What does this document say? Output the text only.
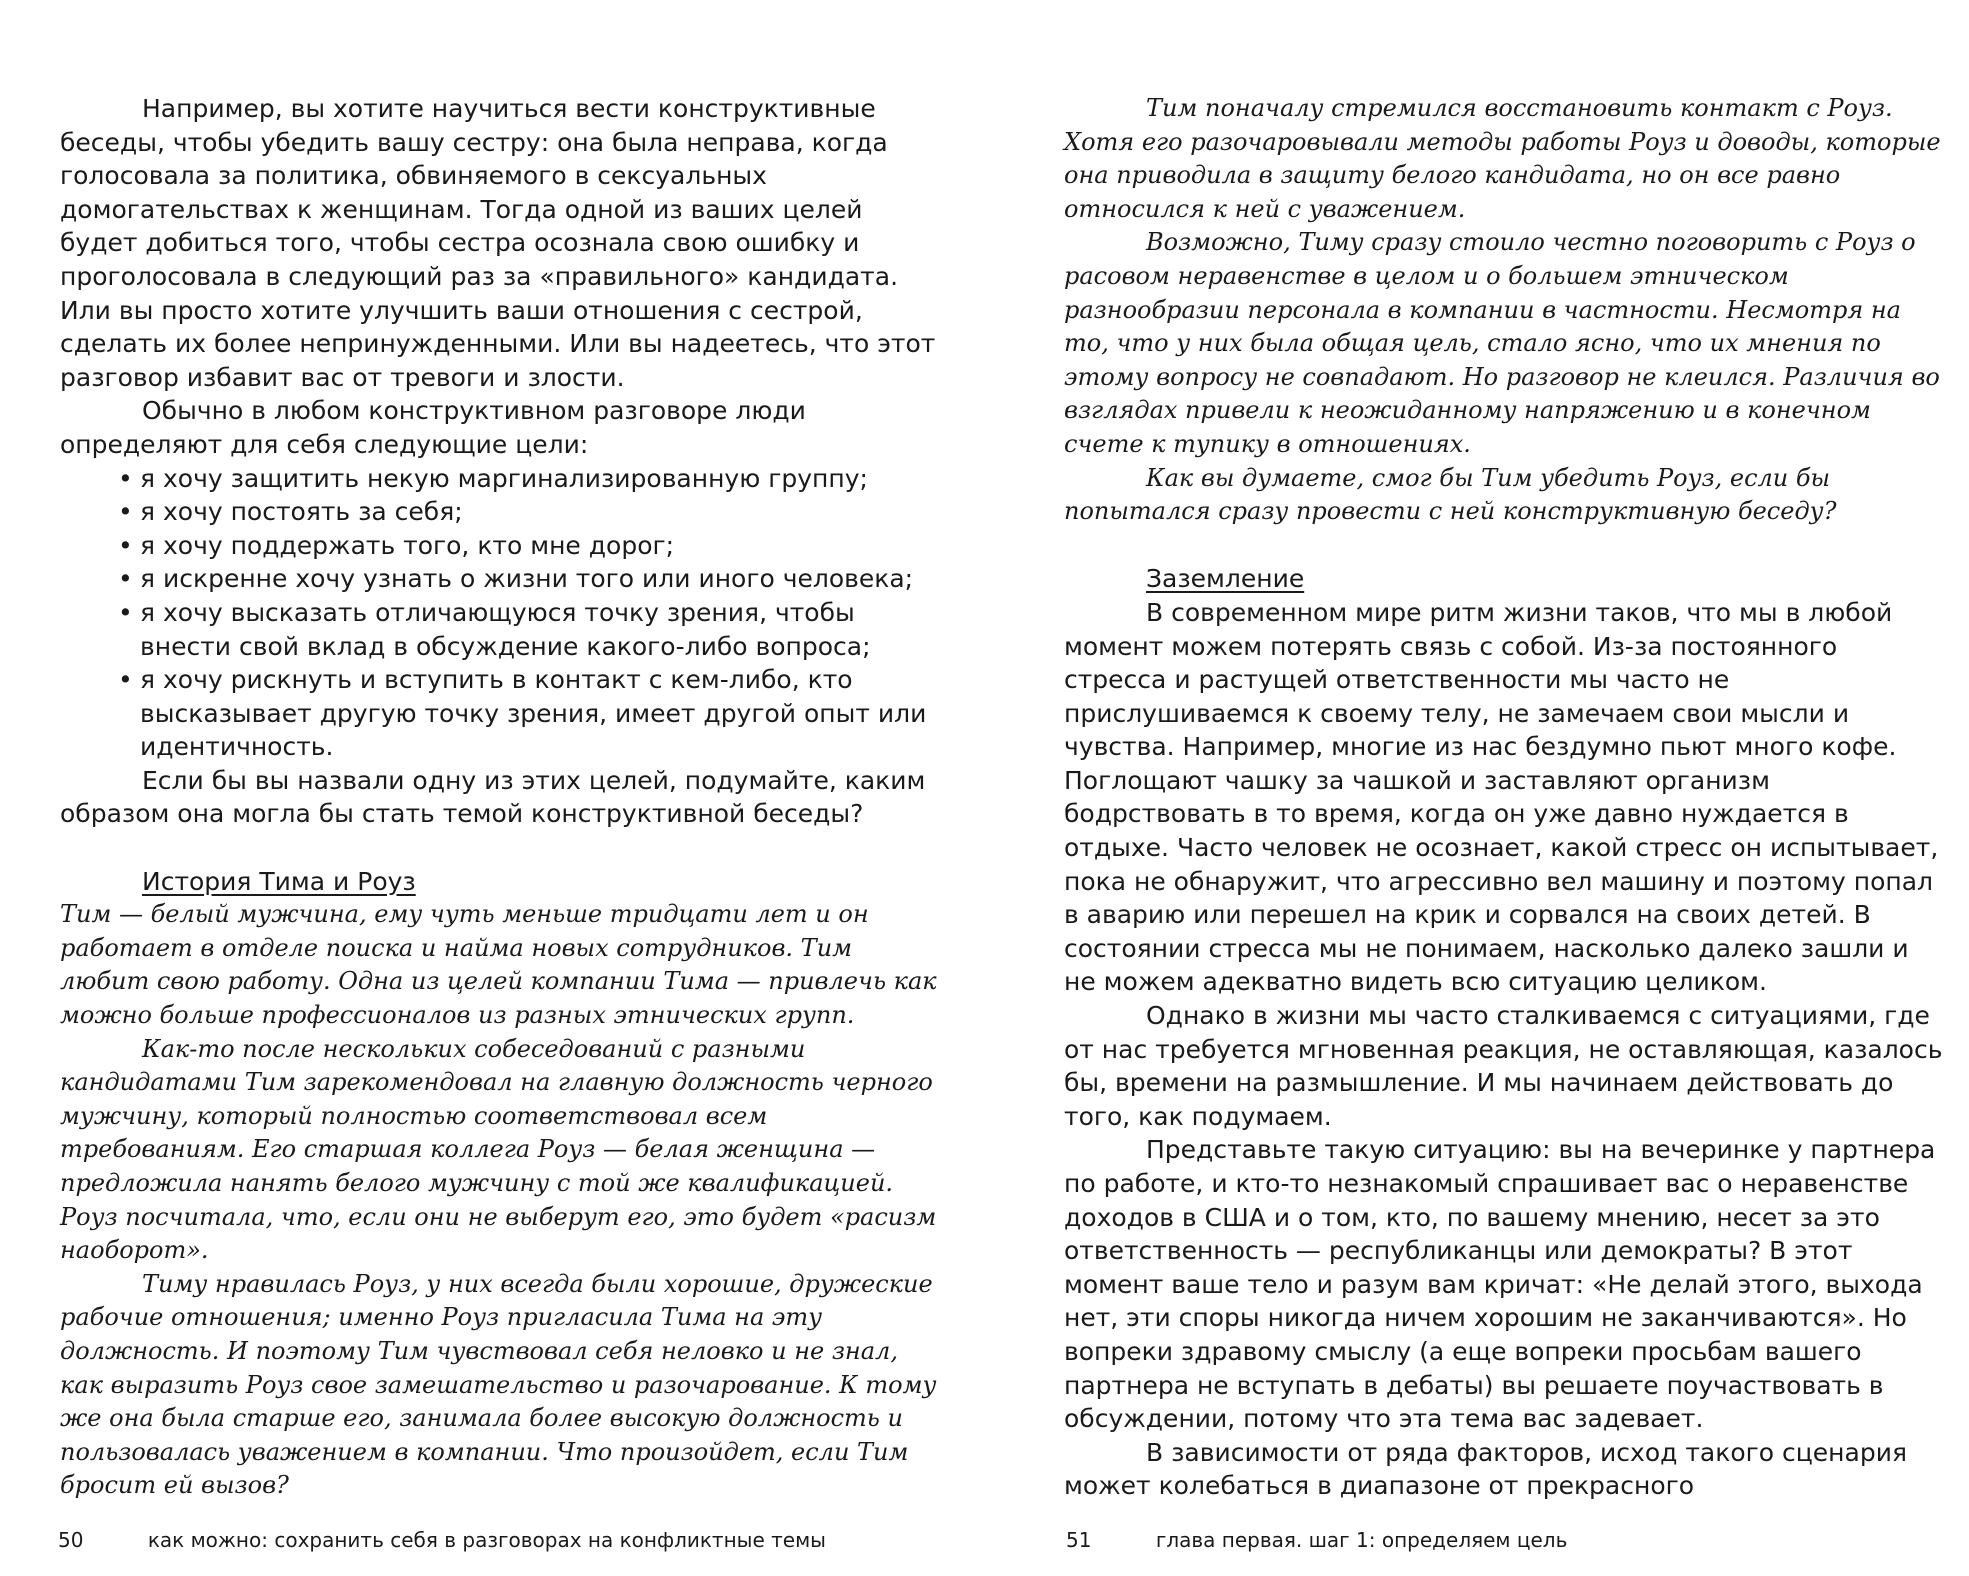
Например, вы хотите научиться вести конструктивные беседы, чтобы убедить вашу сестру: она была неправа, когда голосовала за политика, обвиняемого в сексуальных домогательствах к женщинам. Тогда одной из ваших целей будет добиться того, чтобы сестра осознала свою ошибку и проголосовала в следующий раз за «правильного» кандидата. Или вы просто хотите улучшить ваши отношения с сестрой, сделать их более непринужденными. Или вы надеетесь, что этот разговор избавит вас от тревоги и злости.

Обычно в любом конструктивном разговоре люди определяют для себя следующие цели:

• я хочу защитить некую маргинализированную группу;
• я хочу постоять за себя;
• я хочу поддержать того, кто мне дорог;
• я искренне хочу узнать о жизни того или иного человека;
• я хочу высказать отличающуюся точку зрения, чтобы внести свой вклад в обсуждение какого-либо вопроса;
• я хочу рискнуть и вступить в контакт с кем-либо, кто высказывает другую точку зрения, имеет другой опыт или идентичность.

Если бы вы назвали одну из этих целей, подумайте, каким образом она могла бы стать темой конструктивной беседы?

История Тима и Роуз

Тим — белый мужчина, ему чуть меньше тридцати лет и он работает в отделе поиска и найма новых сотрудников. Тим любит свою работу. Одна из целей компании Тима — привлечь как можно больше профессионалов из разных этнических групп.

Как-то после нескольких собеседований с разными кандидатами Тим зарекомендовал на главную должность черного мужчину, который полностью соответствовал всем требованиям. Его старшая коллега Роуз — белая женщина — предложила нанять белого мужчину с той же квалификацией. Роуз посчитала, что, если они не выберут его, это будет «расизм наоборот».

Тиму нравилась Роуз, у них всегда были хорошие, дружеские рабочие отношения; именно Роуз пригласила Тима на эту должность. И поэтому Тим чувствовал себя неловко и не знал, как выразить Роуз свое замешательство и разочарование. К тому же она была старше его, занимала более высокую должность и пользовалась уважением в компании. Что произойдет, если Тим бросит ей вызов?

Тим поначалу стремился восстановить контакт с Роуз. Хотя его разочаровывали методы работы Роуз и доводы, которые она приводила в защиту белого кандидата, но он все равно относился к ней с уважением.

Возможно, Тиму сразу стоило честно поговорить с Роуз о расовом неравенстве в целом и о большем этническом разнообразии персонала в компании в частности. Несмотря на то, что у них была общая цель, стало ясно, что их мнения по этому вопросу не совпадают. Но разговор не клеился. Различия во взглядах привели к неожиданному напряжению и в конечном счете к тупику в отношениях.

Как вы думаете, смог бы Тим убедить Роуз, если бы попытался сразу провести с ней конструктивную беседу?

Заземление

В современном мире ритм жизни таков, что мы в любой момент можем потерять связь с собой. Из-за постоянного стресса и растущей ответственности мы часто не прислушиваемся к своему телу, не замечаем свои мысли и чувства. Например, многие из нас бездумно пьют много кофе. Поглощают чашку за чашкой и заставляют организм бодрствовать в то время, когда он уже давно нуждается в отдыхе. Часто человек не осознает, какой стресс он испытывает, пока не обнаружит, что агрессивно вел машину и поэтому попал в аварию или перешел на крик и сорвался на своих детей. В состоянии стресса мы не понимаем, насколько далеко зашли и не можем адекватно видеть всю ситуацию целиком.

Однако в жизни мы часто сталкиваемся с ситуациями, где от нас требуется мгновенная реакция, не оставляющая, казалось бы, времени на размышление. И мы начинаем действовать до того, как подумаем.

Представьте такую ситуацию: вы на вечеринке у партнера по работе, и кто-то незнакомый спрашивает вас о неравенстве доходов в США и о том, кто, по вашему мнению, несет за это ответственность — республиканцы или демократы? В этот момент ваше тело и разум вам кричат: «Не делай этого, выхода нет, эти споры никогда ничем хорошим не заканчиваются». Но вопреки здравому смыслу (а еще вопреки просьбам вашего партнера не вступать в дебаты) вы решаете поучаствовать в обсуждении, потому что эта тема вас задевает.

В зависимости от ряда факторов, исход такого сценария может колебаться в диапазоне от прекрасного

50	как можно: сохранить себя в разговорах на конфликтные темы	51	глава первая. шаг 1: определяем цель
